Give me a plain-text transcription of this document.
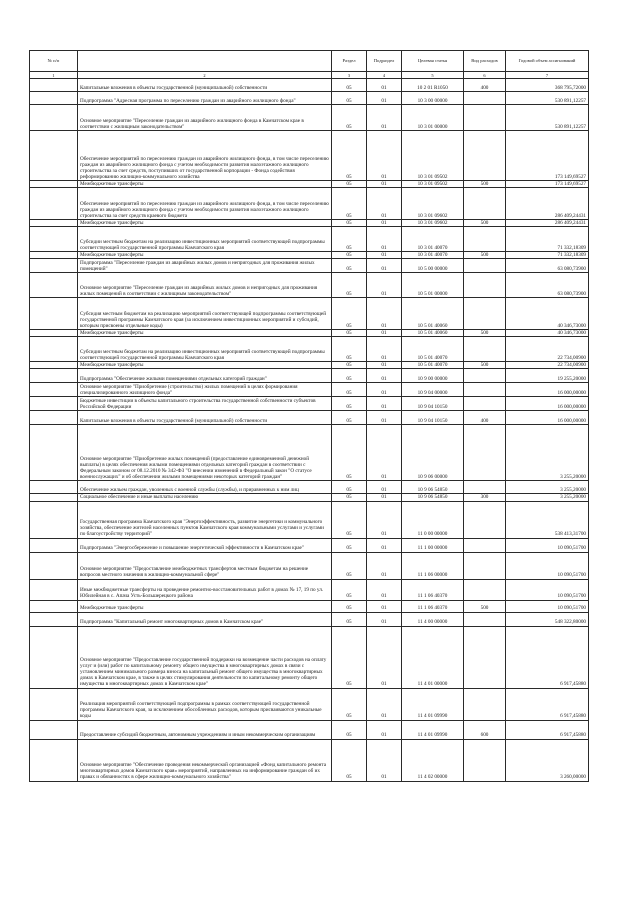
№ п/п		Раздел	Подраздел	Целевая статья	Вид расходов	Годовой объем ассигнований
1	2	3	4	5	6	7
	Капитальные вложения в объекты государственной (муниципальной) собственности	05	01	10 2 01 R1050	400	368 795,72000
	Подпрограмма "Адресная программа по переселению граждан из аварийного жилищного фонда"	05	01	10 3 00 00000		530 891,12257
	Основное мероприятие "Переселение граждан из аварийного жилищного фонда в Камчатском крае в соответствии с жилищным законодательством"	05	01	10 3 01 00000		530 891,12257
	Обеспечение мероприятий по переселению граждан из аварийного жилищного фонда, в том числе переселению граждан из аварийного жилищного фонда с учетом необходимости развития малоэтажного жилищного строительства за счет средств, поступивших от государственной корпорации - Фонда содействия реформированию жилищно-коммунального хозяйства	05	01	10 3 01 09502		173 149,69527
	Межбюджетные трансферты	05	01	10 3 01 09502	500	173 149,69527
	Обеспечение мероприятий по переселению граждан из аварийного жилищного фонда, в том числе переселению граждан из аварийного жилищного фонда с учетом необходимости развития малоэтажного жилищного строительства за счет средств краевого бюджета	05	01	10 3 01 09602		286 409,24431
	Межбюджетные трансферты	05	01	10 3 01 09602	500	286 409,24431
	Субсидии местным бюджетам на реализацию инвестиционных мероприятий соответствующей подпрограммы соответствующей государственной программы Камчатского края	05	01	10 3 01 40070		71 332,18309
	Межбюджетные трансферты	05	01	10 3 01 40070	500	71 332,18309
	Подпрограмма "Переселение граждан из аварийных жилых домов и непригодных для проживания жилых помещений"	05	01	10 5 00 00000		63 080,73900
	Основное мероприятие "Переселение граждан из аварийных жилых домов и непригодных для проживания жилых помещений в соответствии с жилищным законодательством"	05	01	10 5 01 00000		63 080,73900
	Субсидия местным бюджетам на реализацию мероприятий соответствующей подпрограммы соответствующей государственной программы Камчатского края (за исключением инвестиционных мероприятий и субсидий, которым присвоены отдельные коды)	05	01	10 5 01 40060		40 346,73000
	Межбюджетные трансферты	05	01	10 5 01 40060	500	40 346,73000
	Субсидии местным бюджетам на реализацию инвестиционных мероприятий соответствующей подпрограммы соответствующей государственной программы Камчатского края	05	01	10 5 01 40070		22 734,00900
	Межбюджетные трансферты	05	01	10 5 01 40070	500	22 734,00900
	Подпрограмма "Обеспечение жилыми помещениями отдельных категорий граждан"	05	01	10 9 00 00000		19 255,20000
	Основное мероприятие "Приобретение (строительство) жилых помещений в целях формирования специализированного жилищного фонда"	05	01	10 9 04 00000		16 000,00000
	Бюджетные инвестиции в объекты капитального строительства государственной собственности субъектов Российской Федерации	05	01	10 9 04 10150		16 000,00000
	Капитальные вложения в объекты государственной (муниципальной) собственности	05	01	10 9 04 10150	400	16 000,00000
	Основное мероприятие "Приобретение жилых помещений (предоставление единовременной денежной выплаты) в целях обеспечения жилыми помещениями отдельных категорий граждан в соответствии с Федеральным законом от 08.12.2010 № 342-ФЗ "О внесении изменений в Федеральный закон "О статусе военнослужащих" и об обеспечении жилыми помещениями некоторых категорий граждан"	05	01	10 9 06 00000		3 255,20000
	Обеспечение жильем граждан, уволенных с военной службы (службы), и приравненных к ним лиц	05	01	10 9 06 54850		3 255,20000
	Социальное обеспечение и иные выплаты населению	05	01	10 9 06 54850	300	3 255,20000
	Государственная программа Камчатского края "Энергоэффективность, развитие энергетики и коммунального хозяйства, обеспечение жителей населенных пунктов Камчатского края коммунальными услугами и услугами по благоустройству территорий"	05	01	11 0 00 00000		538 413,31700
	Подпрограмма "Энергосбережение и повышение энергетической эффективности в Камчатском крае"	05	01	11 1 00 00000		10 090,51700
	Основное мероприятие "Предоставление межбюджетных трансфертов местным бюджетам на решение вопросов местного значения в жилищно-коммунальной сфере"	05	01	11 1 06 00000		10 090,51700
	Иные межбюджетные трансферты на проведение ремонтно-восстановительных работ в домах № 17, 19 по ул. Юбилейная в с. Апача Усть-Большерецкого района	05	01	11 1 06 40370		10 090,51700
	Межбюджетные трансферты	05	01	11 1 06 40370	500	10 090,51700
	Подпрограмма "Капитальный ремонт многоквартирных домов в Камчатском крае"	05	01	11 4 00 00000		548 322,80000
	Основное мероприятие "Предоставление государственной поддержки на возмещение части расходов на оплату услуг и (или) работ по капитальному ремонту общего имущества в многоквартирных домах в связи с установлением минимального размера взноса на капитальный ремонт общего имущества в многоквартирных домах в Камчатском крае, в также в целях стимулирования деятельности по капитальному ремонту общего имущества в многоквартирных домах в Камчатском крае"	05	01	11 4 01 00000		6 917,45880
	Реализация мероприятий соответствующей подпрограммы в рамках соответствующей государственной программы Камчатского края, за исключением обособленных расходов, которым присваиваются уникальные коды	05	01	11 4 01 09990		6 917,45880
	Предоставление субсидий бюджетным, автономным учреждениям и иным некоммерческим организациям	05	01	11 4 01 09990	600	6 917,45880
	Основное мероприятие "Обеспечение проведения некоммерческой организацией «Фонд капитального ремонта многоквартирных домов Камчатского края» мероприятий, направленных на информирование граждан об их правах и обязанностях в сфере жилищно-коммунального хозяйства"	05	01	11 4 02 00000		3 260,00000
